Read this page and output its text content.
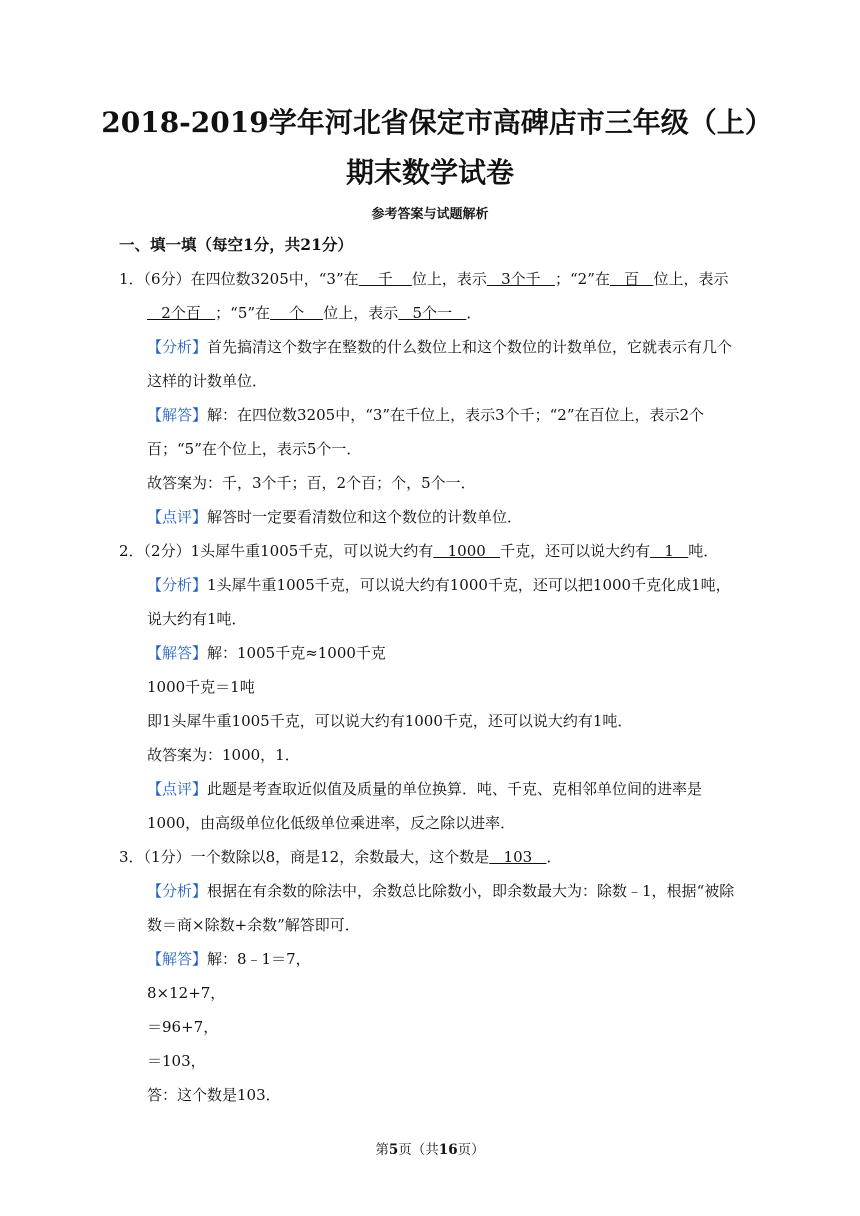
2018-2019学年河北省保定市高碑店市三年级（上）期末数学试卷
参考答案与试题解析

一、填一填（每空1分，共21分）

1．（6分）在四位数3205中，“3”在    千    位上，表示   3个千   ；“2”在   百   位上，表示   2个百   ；“5”在    个    位上，表示   5个一   ．

【分析】首先搞清这个数字在整数的什么数位上和这个数位的计数单位，它就表示有几个这样的计数单位．

【解答】解：在四位数3205中，“3”在千位上，表示3个千；“2”在百位上，表示2个百；“5”在个位上，表示5个一．

故答案为：千，3个千；百，2个百；个，5个一．

【点评】解答时一定要看清数位和这个数位的计数单位．

2．（2分）1头犀牛重1005千克，可以说大约有   1000   千克，还可以说大约有   1   吨．

【分析】1头犀牛重1005千克，可以说大约有1000千克，还可以把1000千克化成1吨，说大约有1吨．

【解答】解：1005千克≈1000千克

1000千克＝1吨

即1头犀牛重1005千克，可以说大约有1000千克，还可以说大约有1吨．

故答案为：1000，1．

【点评】此题是考查取近似值及质量的单位换算．吨、千克、克相邻单位间的进率是1000，由高级单位化低级单位乘进率，反之除以进率．

3．（1分）一个数除以8，商是12，余数最大，这个数是   103   ．

【分析】根据在有余数的除法中，余数总比除数小，即余数最大为：除数﹣1，根据“被除数＝商×除数+余数”解答即可．

【解答】解：8﹣1＝7，

8×12+7，

＝96+7，

＝103，

答：这个数是103．

第5页（共16页）
